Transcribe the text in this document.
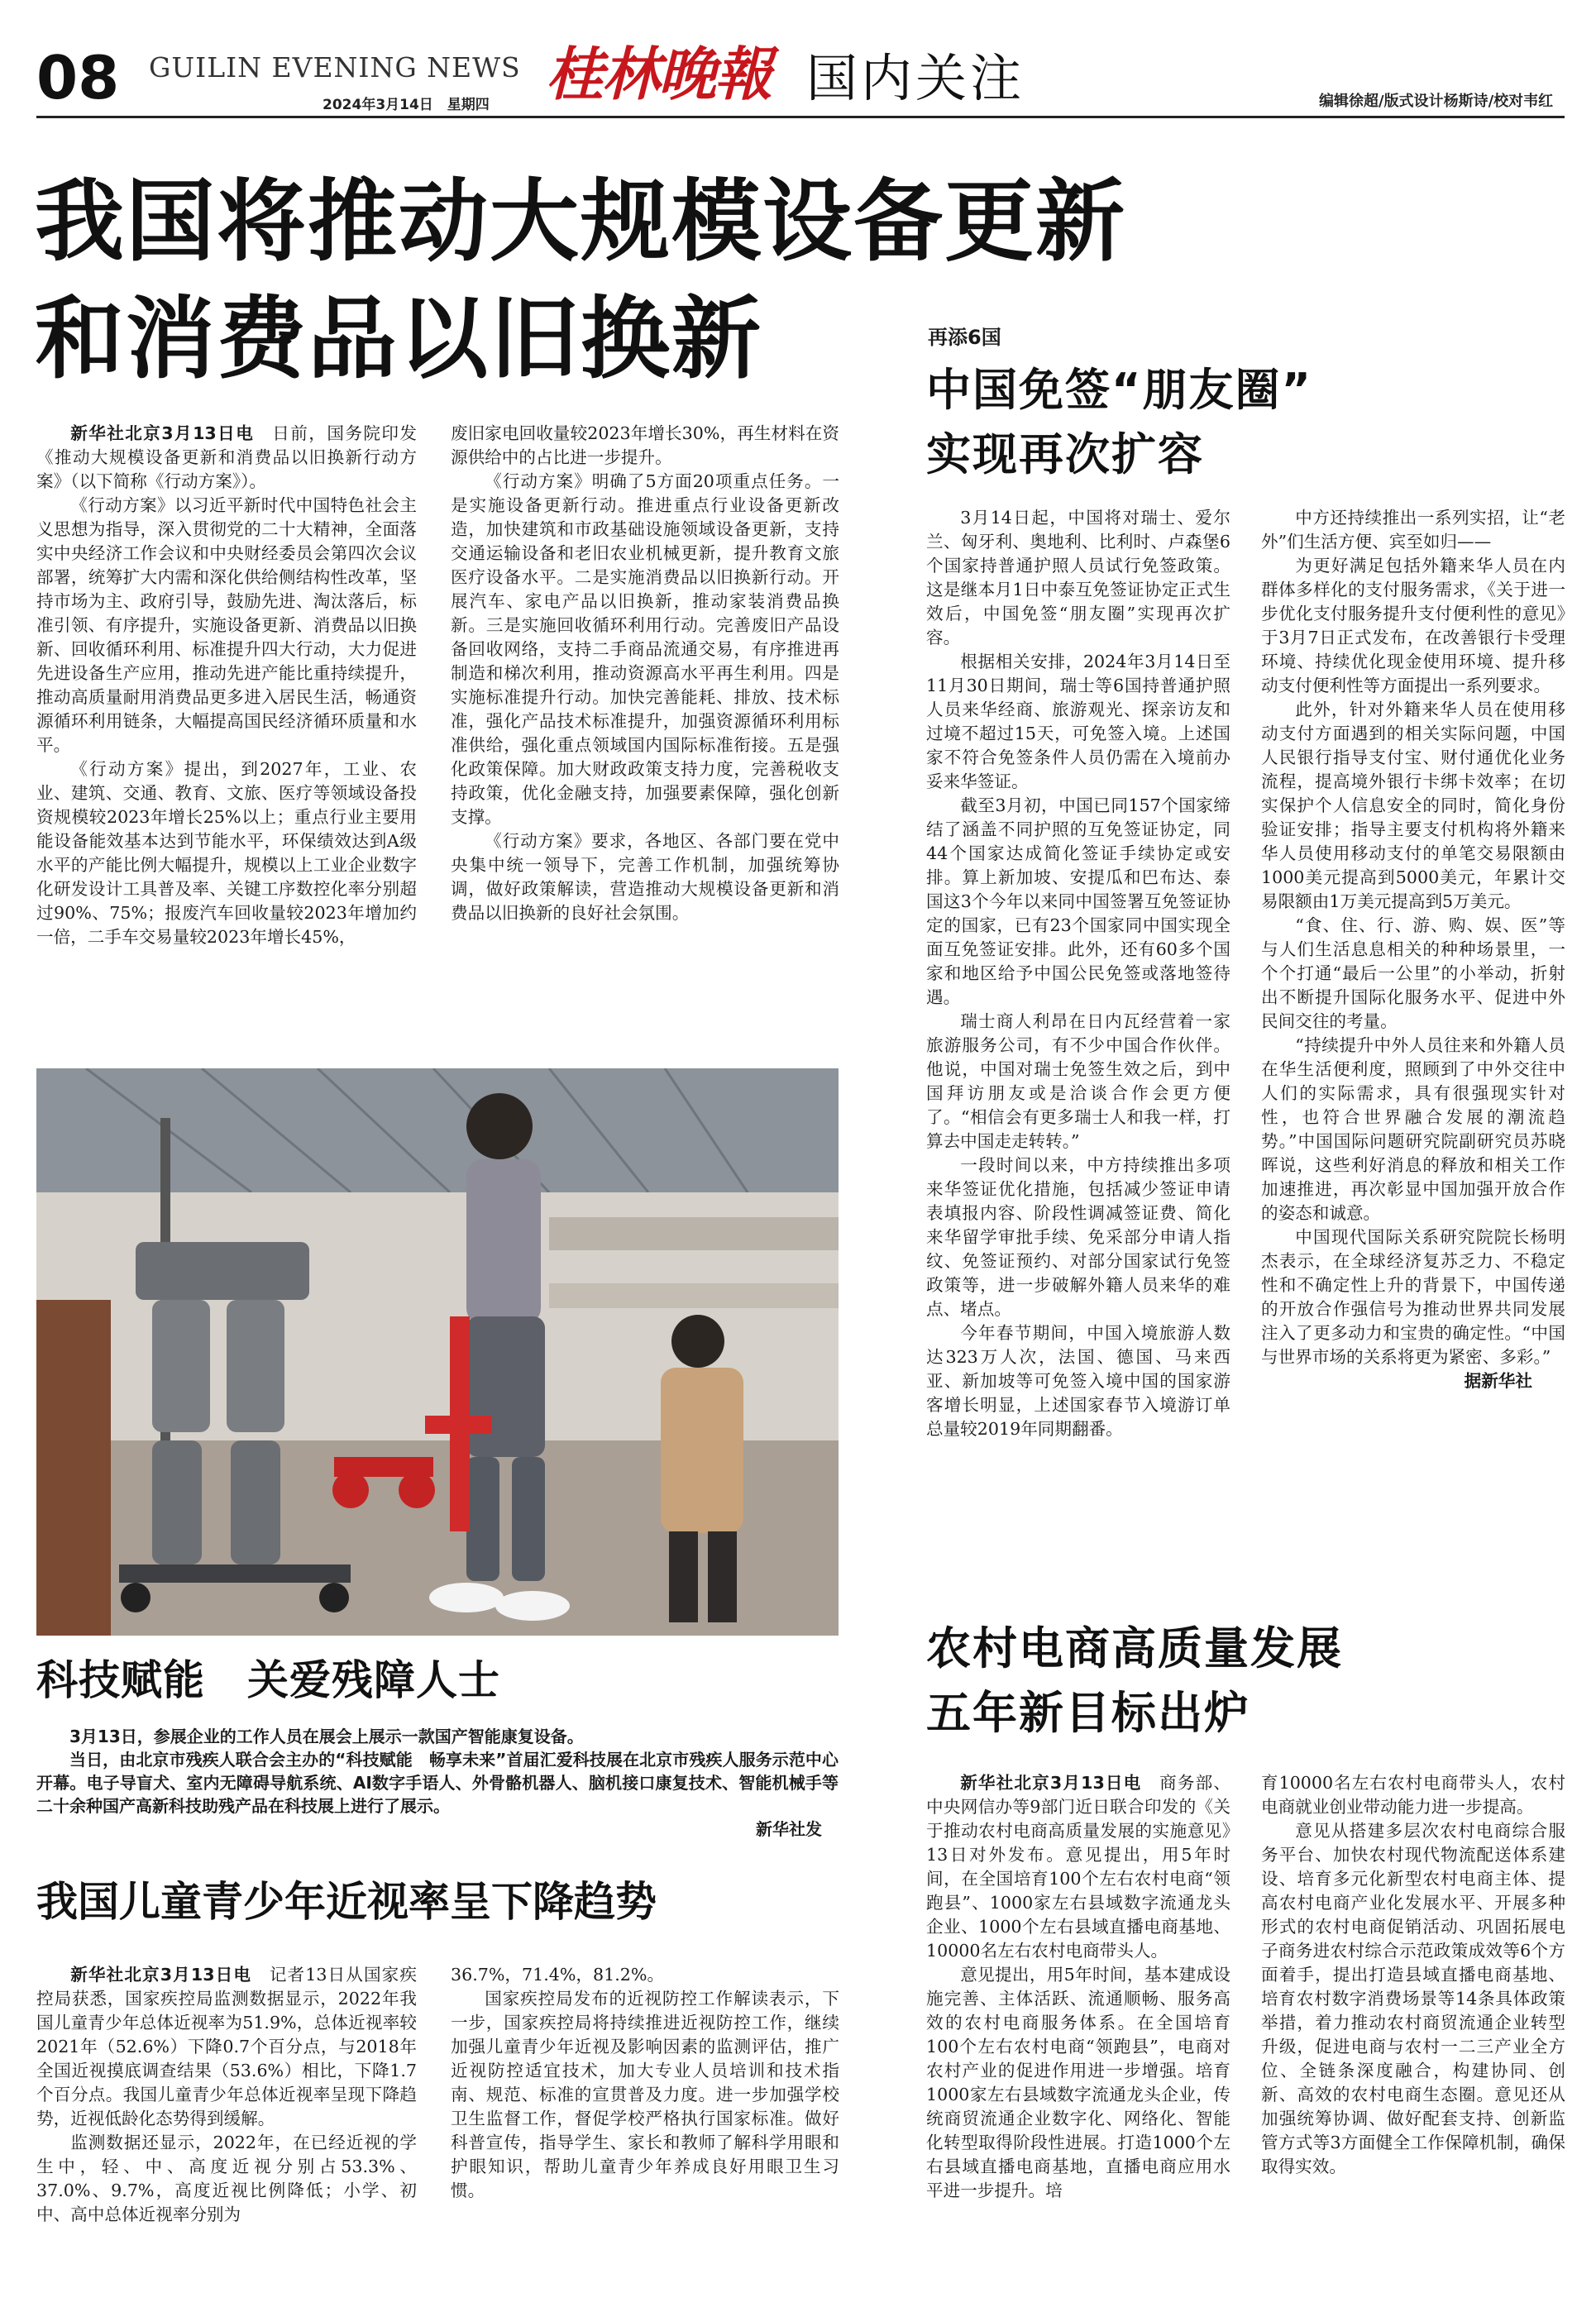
08 GUILIN EVENING NEWS
2024年3月14日　星期四 桂林晚報 国内关注	编辑徐超/版式设计杨斯诗/校对韦红
我国将推动大规模设备更新
和消费品以旧换新

新华社北京3月13日电　 日前，国务院印发《推动大规模设备更新和消费品以旧换新行动方案》（以下简称《行动方案》）。

《行动方案》以习近平新时代中国特色社会主义思想为指导，深入贯彻党的二十大精神，全面落实中央经济工作会议和中央财经委员会第四次会议部署，统筹扩大内需和深化供给侧结构性改革，坚持市场为主、政府引导，鼓励先进、淘汰落后，标准引领、有序提升，实施设备更新、消费品以旧换新、回收循环利用、标准提升四大行动，大力促进先进设备生产应用，推动先进产能比重持续提升，推动高质量耐用消费品更多进入居民生活，畅通资源循环利用链条，大幅提高国民经济循环质量和水平。

《行动方案》提出，到2027年，工业、农业、建筑、交通、教育、文旅、医疗等领域设备投资规模较2023年增长25%以上；重点行业主要用能设备能效基本达到节能水平，环保绩效达到A级水平的产能比例大幅提升，规模以上工业企业数字化研发设计工具普及率、关键工序数控化率分别超过90%、75%；报废汽车回收量较2023年增加约一倍，二手车交易量较2023年增长45%，

废旧家电回收量较2023年增长30%，再生材料在资源供给中的占比进一步提升。

《行动方案》明确了5方面20项重点任务。一是实施设备更新行动。推进重点行业设备更新改造，加快建筑和市政基础设施领域设备更新，支持交通运输设备和老旧农业机械更新，提升教育文旅医疗设备水平。二是实施消费品以旧换新行动。开展汽车、家电产品以旧换新，推动家装消费品换新。三是实施回收循环利用行动。完善废旧产品设备回收网络，支持二手商品流通交易，有序推进再制造和梯次利用，推动资源高水平再生利用。四是实施标准提升行动。加快完善能耗、排放、技术标准，强化产品技术标准提升，加强资源循环利用标准供给，强化重点领域国内国际标准衔接。五是强化政策保障。加大财政政策支持力度，完善税收支持政策，优化金融支持，加强要素保障，强化创新支撑。

《行动方案》要求，各地区、各部门要在党中央集中统一领导下，完善工作机制，加强统筹协调，做好政策解读，营造推动大规模设备更新和消费品以旧换新的良好社会氛围。

科技赋能　关爱残障人士
3月13日，参展企业的工作人员在展会上展示一款国产智能康复设备。
当日，由北京市残疾人联合会主办的“科技赋能　畅享未来”首届汇爱科技展在北京市残疾人服务示范中心开幕。电子导盲犬、室内无障碍导航系统、AI数字手语人、外骨骼机器人、脑机接口康复技术、智能机械手等二十余种国产高新科技助残产品在科技展上进行了展示。
新华社发
我国儿童青少年近视率呈下降趋势

新华社北京3月13日电　 记者13日从国家疾控局获悉，国家疾控局监测数据显示，2022年我国儿童青少年总体近视率为51.9%，总体近视率较2021年（52.6%）下降0.7个百分点，与2018年全国近视摸底调查结果（53.6%）相比，下降1.7个百分点。我国儿童青少年总体近视率呈现下降趋势，近视低龄化态势得到缓解。

监测数据还显示，2022年，在已经近视的学生中，轻、中、高度近视分别占53.3%、37.0%、9.7%，高度近视比例降低；小学、初中、高中总体近视率分别为

36.7%，71.4%，81.2%。

国家疾控局发布的近视防控工作解读表示，下一步，国家疾控局将持续推进近视防控工作，继续加强儿童青少年近视及影响因素的监测评估，推广近视防控适宜技术，加大专业人员培训和技术指南、规范、标准的宣贯普及力度。进一步加强学校卫生监督工作，督促学校严格执行国家标准。做好科普宣传，指导学生、家长和教师了解科学用眼和护眼知识，帮助儿童青少年养成良好用眼卫生习惯。

再添6国
中国免签“朋友圈”
实现再次扩容

3月14日起，中国将对瑞士、爱尔兰、匈牙利、奥地利、比利时、卢森堡6个国家持普通护照人员试行免签政策。这是继本月1日中泰互免签证协定正式生效后，中国免签“朋友圈”实现再次扩容。

根据相关安排，2024年3月14日至11月30日期间，瑞士等6国持普通护照人员来华经商、旅游观光、探亲访友和过境不超过15天，可免签入境。上述国家不符合免签条件人员仍需在入境前办妥来华签证。

截至3月初，中国已同157个国家缔结了涵盖不同护照的互免签证协定，同44个国家达成简化签证手续协定或安排。算上新加坡、安提瓜和巴布达、泰国这3个今年以来同中国签署互免签证协定的国家，已有23个国家同中国实现全面互免签证安排。此外，还有60多个国家和地区给予中国公民免签或落地签待遇。

瑞士商人利昂在日内瓦经营着一家旅游服务公司，有不少中国合作伙伴。他说，中国对瑞士免签生效之后，到中国拜访朋友或是洽谈合作会更方便了。“相信会有更多瑞士人和我一样，打算去中国走走转转。”

一段时间以来，中方持续推出多项来华签证优化措施，包括减少签证申请表填报内容、阶段性调减签证费、简化来华留学审批手续、免采部分申请人指纹、免签证预约、对部分国家试行免签政策等，进一步破解外籍人员来华的难点、堵点。

今年春节期间，中国入境旅游人数达323万人次，法国、德国、马来西亚、新加坡等可免签入境中国的国家游客增长明显，上述国家春节入境游订单总量较2019年同期翻番。

中方还持续推出一系列实招，让“老外”们生活方便、宾至如归——

为更好满足包括外籍来华人员在内群体多样化的支付服务需求，《关于进一步优化支付服务提升支付便利性的意见》于3月7日正式发布，在改善银行卡受理环境、持续优化现金使用环境、提升移动支付便利性等方面提出一系列要求。

此外，针对外籍来华人员在使用移动支付方面遇到的相关实际问题，中国人民银行指导支付宝、财付通优化业务流程，提高境外银行卡绑卡效率；在切实保护个人信息安全的同时，简化身份验证安排；指导主要支付机构将外籍来华人员使用移动支付的单笔交易限额由1000美元提高到5000美元，年累计交易限额由1万美元提高到5万美元。

“食、住、行、游、购、娱、医”等与人们生活息息相关的种种场景里，一个个打通“最后一公里”的小举动，折射出不断提升国际化服务水平、促进中外民间交往的考量。

“持续提升中外人员往来和外籍人员在华生活便利度，照顾到了中外交往中人们的实际需求，具有很强现实针对性，也符合世界融合发展的潮流趋势。”中国国际问题研究院副研究员苏晓晖说，这些利好消息的释放和相关工作加速推进，再次彰显中国加强开放合作的姿态和诚意。

中国现代国际关系研究院院长杨明杰表示，在全球经济复苏乏力、不稳定性和不确定性上升的背景下，中国传递的开放合作强信号为推动世界共同发展注入了更多动力和宝贵的确定性。“中国与世界市场的关系将更为紧密、多彩。”

据新华社
农村电商高质量发展
五年新目标出炉

新华社北京3月13日电　 商务部、中央网信办等9部门近日联合印发的《关于推动农村电商高质量发展的实施意见》13日对外发布。意见提出，用5年时间，在全国培育100个左右农村电商“领跑县”、1000家左右县域数字流通龙头企业、1000个左右县域直播电商基地、10000名左右农村电商带头人。

意见提出，用5年时间，基本建成设施完善、主体活跃、流通顺畅、服务高效的农村电商服务体系。在全国培育100个左右农村电商“领跑县”，电商对农村产业的促进作用进一步增强。培育1000家左右县域数字流通龙头企业，传统商贸流通企业数字化、网络化、智能化转型取得阶段性进展。打造1000个左右县域直播电商基地，直播电商应用水平进一步提升。培

育10000名左右农村电商带头人，农村电商就业创业带动能力进一步提高。

意见从搭建多层次农村电商综合服务平台、加快农村现代物流配送体系建设、培育多元化新型农村电商主体、提高农村电商产业化发展水平、开展多种形式的农村电商促销活动、巩固拓展电子商务进农村综合示范政策成效等6个方面着手，提出打造县域直播电商基地、培育农村数字消费场景等14条具体政策举措，着力推动农村商贸流通企业转型升级，促进电商与农村一二三产业全方位、全链条深度融合，构建协同、创新、高效的农村电商生态圈。意见还从加强统筹协调、做好配套支持、创新监管方式等3方面健全工作保障机制，确保取得实效。
